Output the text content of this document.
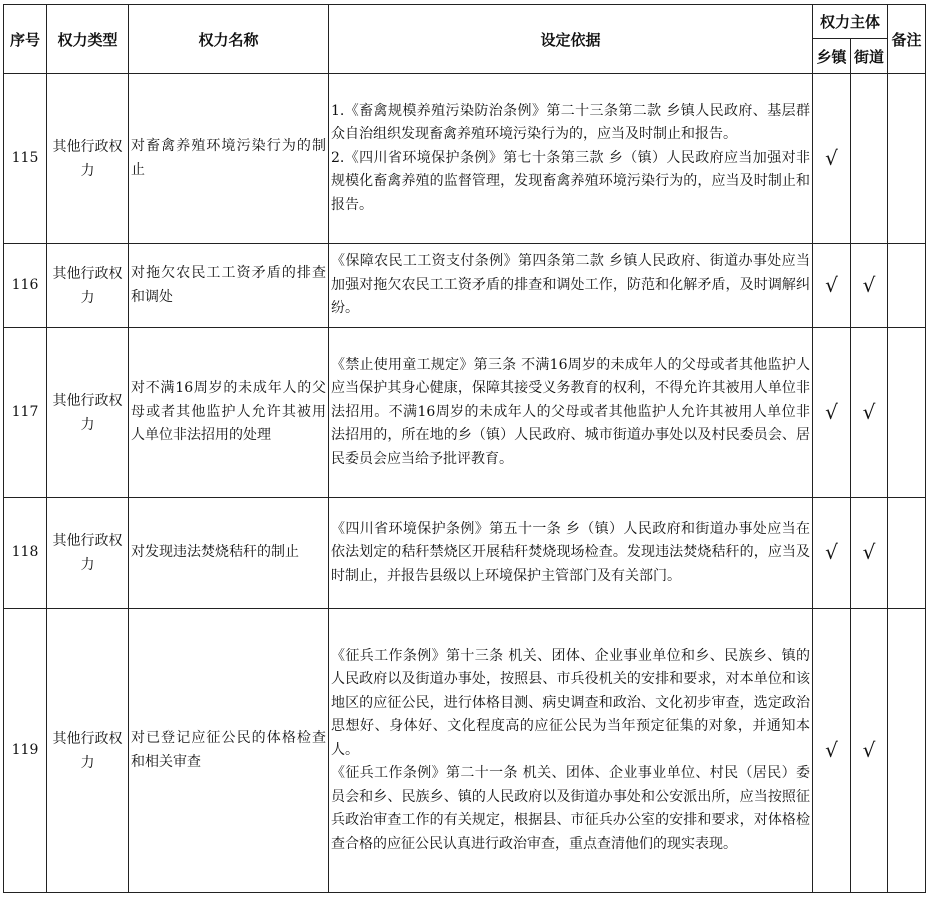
序号	权力类型	权力名称	设定依据	权力主体		备注
				乡镇	街道	
115	其他行政权力	对畜禽养殖环境污染行为的制止	1.《畜禽规模养殖污染防治条例》第二十三条第二款 乡镇人民政府、基层群众自治组织发现畜禽养殖环境污染行为的，应当及时制止和报告。
2.《四川省环境保护条例》第七十条第三款 乡（镇）人民政府应当加强对非规模化畜禽养殖的监督管理，发现畜禽养殖环境污染行为的，应当及时制止和报告。	√		
116	其他行政权力	对拖欠农民工工资矛盾的排查和调处	《保障农民工工资支付条例》第四条第二款 乡镇人民政府、街道办事处应当加强对拖欠农民工工资矛盾的排查和调处工作，防范和化解矛盾，及时调解纠纷。	√	√	
117	其他行政权力	对不满16周岁的未成年人的父母或者其他监护人允许其被用人单位非法招用的处理	《禁止使用童工规定》第三条 不满16周岁的未成年人的父母或者其他监护人应当保护其身心健康，保障其接受义务教育的权利，不得允许其被用人单位非法招用。不满16周岁的未成年人的父母或者其他监护人允许其被用人单位非法招用的，所在地的乡（镇）人民政府、城市街道办事处以及村民委员会、居民委员会应当给予批评教育。	√	√	
118	其他行政权力	对发现违法焚烧秸秆的制止	《四川省环境保护条例》第五十一条 乡（镇）人民政府和街道办事处应当在依法划定的秸秆禁烧区开展秸秆焚烧现场检查。发现违法焚烧秸秆的，应当及时制止，并报告县级以上环境保护主管部门及有关部门。	√	√	
119	其他行政权力	对已登记应征公民的体格检查和相关审查	《征兵工作条例》第十三条 机关、团体、企业事业单位和乡、民族乡、镇的人民政府以及街道办事处，按照县、市兵役机关的安排和要求，对本单位和该地区的应征公民，进行体格目测、病史调查和政治、文化初步审查，选定政治思想好、身体好、文化程度高的应征公民为当年预定征集的对象，并通知本人。
《征兵工作条例》第二十一条 机关、团体、企业事业单位、村民（居民）委员会和乡、民族乡、镇的人民政府以及街道办事处和公安派出所，应当按照征兵政治审查工作的有关规定，根据县、市征兵办公室的安排和要求，对体格检查合格的应征公民认真进行政治审查，重点查清他们的现实表现。	√	√	
